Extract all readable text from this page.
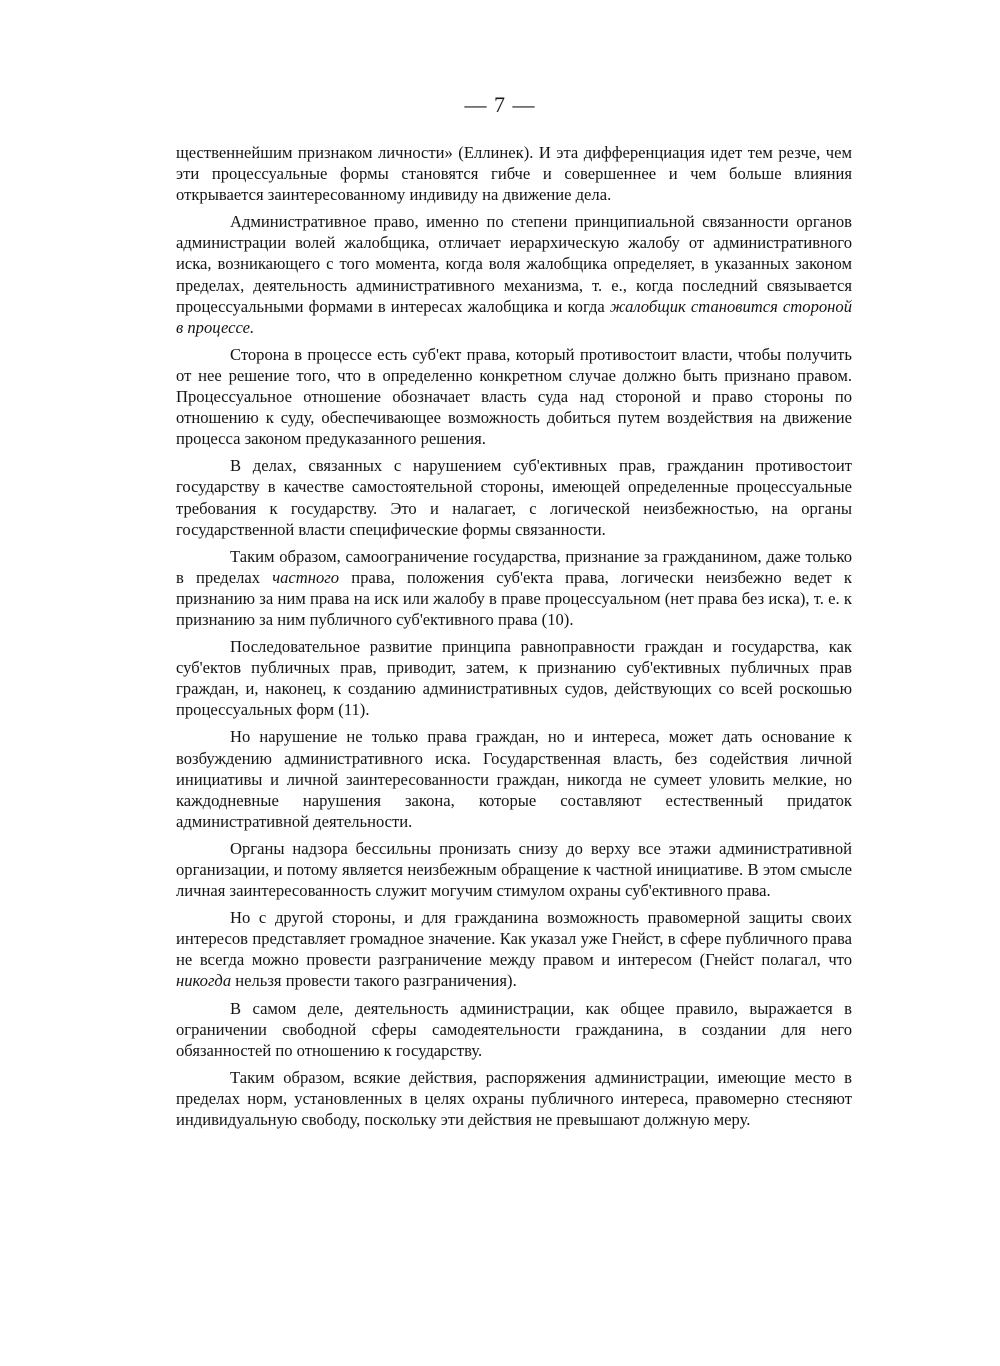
— 7 —

щественнейшим признаком личности» (Еллинек). И эта дифференциация идет тем резче, чем эти процессуальные формы становятся гибче и совершеннее и чем больше влияния открывается заинтересованному индивиду на движение дела.

Административное право, именно по степени принципиальной связанности органов администрации волей жалобщика, отличает иерархическую жалобу от административного иска, возникающего с того момента, когда воля жалобщика определяет, в указанных законом пределах, деятельность административного механизма, т. е., когда последний связывается процессуальными формами в интересах жалобщика и когда жалобщик становится стороной в процессе.

Сторона в процессе есть суб'ект права, который противостоит власти, чтобы получить от нее решение того, что в определенно конкретном случае должно быть признано правом. Процессуальное отношение обозначает власть суда над стороной и право стороны по отношению к суду, обеспечивающее возможность добиться путем воздействия на движение процесса законом предуказанного решения.

В делах, связанных с нарушением суб'ективных прав, гражданин противостоит государству в качестве самостоятельной стороны, имеющей определенные процессуальные требования к государству. Это и налагает, с логической неизбежностью, на органы государственной власти специфические формы связанности.

Таким образом, самоограничение государства, признание за гражданином, даже только в пределах частного права, положения суб'екта права, логически неизбежно ведет к признанию за ним права на иск или жалобу в праве процессуальном (нет права без иска), т. е. к признанию за ним публичного суб'ективного права (10).

Последовательное развитие принципа равноправности граждан и государства, как суб'ектов публичных прав, приводит, затем, к признанию суб'ективных публичных прав граждан, и, наконец, к созданию административных судов, действующих со всей роскошью процессуальных форм (11).

Но нарушение не только права граждан, но и интереса, может дать основание к возбуждению административного иска. Государственная власть, без содействия личной инициативы и личной заинтересованности граждан, никогда не сумеет уловить мелкие, но каждодневные нарушения закона, которые составляют естественный придаток административной деятельности.

Органы надзора бессильны пронизать снизу до верху все этажи административной организации, и потому является неизбежным обращение к частной инициативе. В этом смысле личная заинтересованность служит могучим стимулом охраны суб'ективного права.

Но с другой стороны, и для гражданина возможность правомерной защиты своих интересов представляет громадное значение. Как указал уже Гнейст, в сфере публичного права не всегда можно провести разграничение между правом и интересом (Гнейст полагал, что никогда нельзя провести такого разграничения).

В самом деле, деятельность администрации, как общее правило, выражается в ограничении свободной сферы самодеятельности гражданина, в создании для него обязанностей по отношению к государству.

Таким образом, всякие действия, распоряжения администрации, имеющие место в пределах норм, установленных в целях охраны публичного интереса, правомерно стесняют индивидуальную свободу, поскольку эти действия не превышают должную меру.
